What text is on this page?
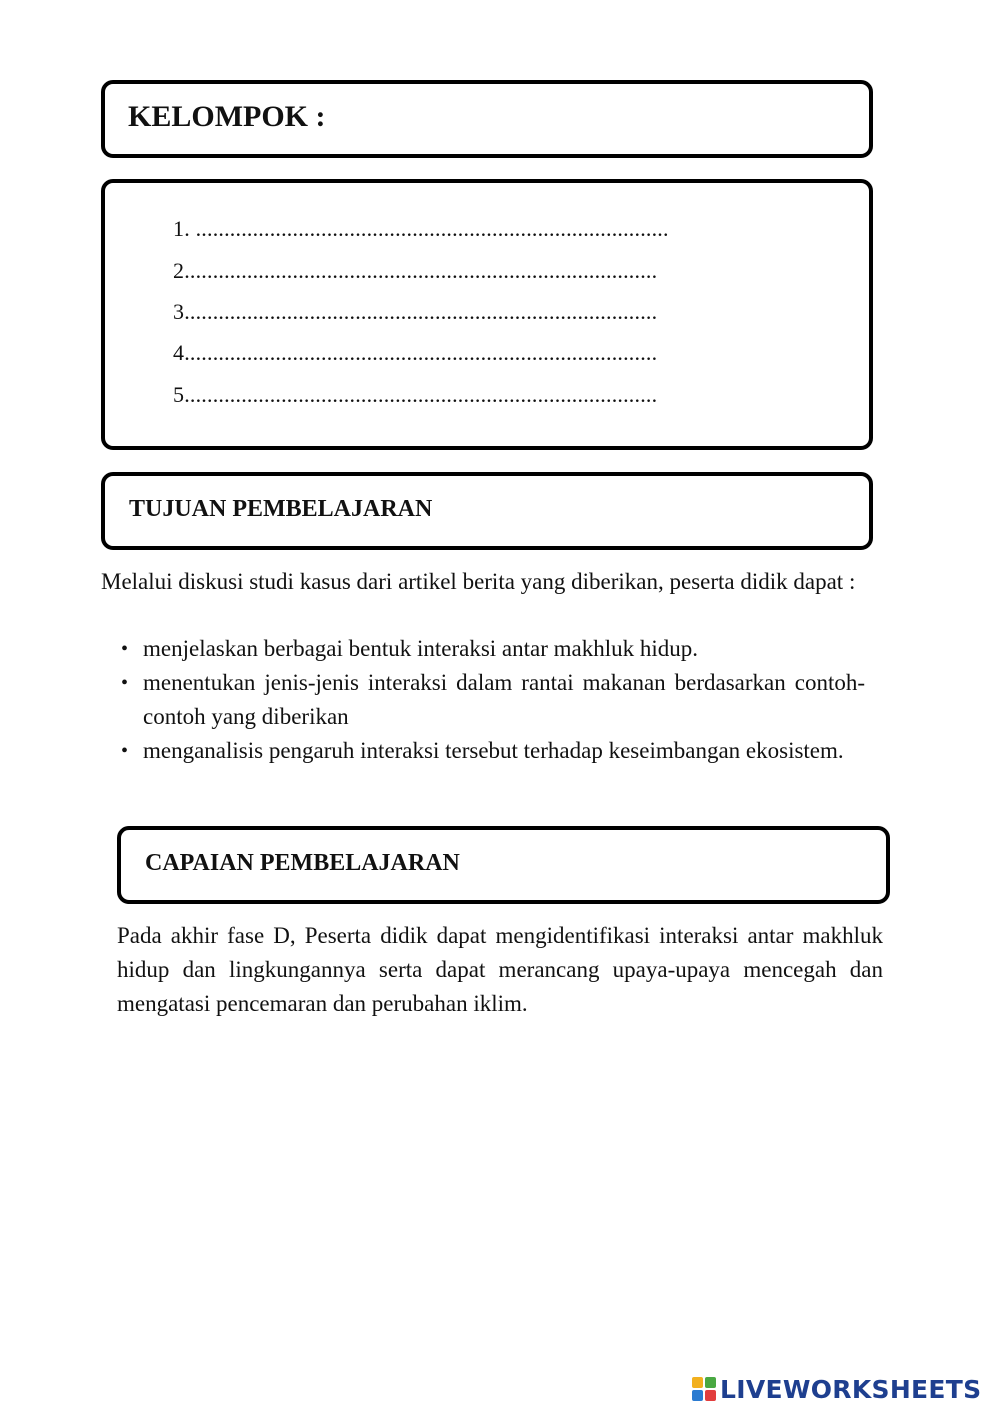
KELOMPOK :
1. ...................................................................................
2...................................................................................
3...................................................................................
4...................................................................................
5...................................................................................
TUJUAN PEMBELAJARAN

Melalui diskusi studi kasus dari artikel berita yang diberikan, peserta didik dapat :

• menjelaskan berbagai bentuk interaksi antar makhluk hidup.
• menentukan jenis-jenis interaksi dalam rantai makanan berdasarkan contoh-contoh yang diberikan
• menganalisis pengaruh interaksi tersebut terhadap keseimbangan ekosistem.
CAPAIAN PEMBELAJARAN

Pada akhir fase D, Peserta didik dapat mengidentifikasi interaksi antar makhluk hidup dan lingkungannya serta dapat merancang upaya-upaya mencegah dan mengatasi pencemaran dan perubahan iklim.

LIVEWORKSHEETS
